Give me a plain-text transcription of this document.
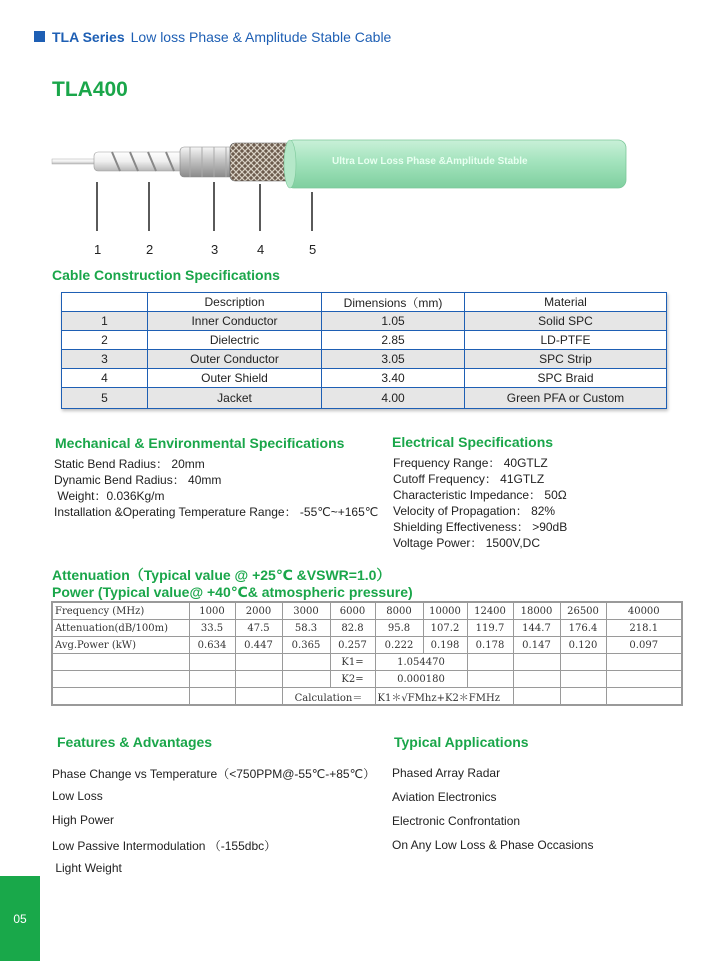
TLA Series Low loss Phase & Amplitude Stable Cable
TLA400
Ultra Low Loss Phase &Amplitude Stable
1	2	3	4	5
Cable Construction Specifications
	Description	Dimensions（mm)	Material
1	Inner Conductor	1.05	Solid SPC
2	Dielectric	2.85	LD-PTFE
3	Outer Conductor	3.05	SPC Strip
4	Outer Shield	3.40	SPC Braid
5	Jacket	4.00	Green PFA or Custom
Mechanical & Environmental Specifications
Static Bend Radius： 20mm
Dynamic Bend Radius： 40mm
Weight：0.036Kg/m
Installation &Operating Temperature Range： -55℃~+165℃
Electrical Specifications
Frequency Range： 40GTLZ
Cutoff Frequency： 41GTLZ
Characteristic Impedance： 50Ω
Velocity of Propagation： 82%
Shielding Effectiveness： >90dB
Voltage Power： 1500V,DC
Attenuation（Typical value @ +25℃ &VSWR=1.0）
Power (Typical value@ +40℃& atmospheric pressure)
Frequency (MHz)	1000	2000	3000	6000	8000	10000	12400	18000	26500	40000
Attenuation(dB/100m)	33.5	47.5	58.3	82.8	95.8	107.2	119.7	144.7	176.4	218.1
Avg.Power (kW)	0.634	0.447	0.365	0.257	0.222	0.198	0.178	0.147	0.120	0.097
				K1=	1.054470					
				K2=	0.000180					
			Calculation＝		K1＊√FMhz+K2＊FMHz					
Features & Advantages
Phase Change vs Temperature（<750PPM@-55℃-+85℃）
Low Loss
High Power
Low Passive Intermodulation （-155dbc）
Light Weight
Typical Applications
Phased Array Radar
Aviation Electronics
Electronic Confrontation
On Any Low Loss & Phase Occasions
05
